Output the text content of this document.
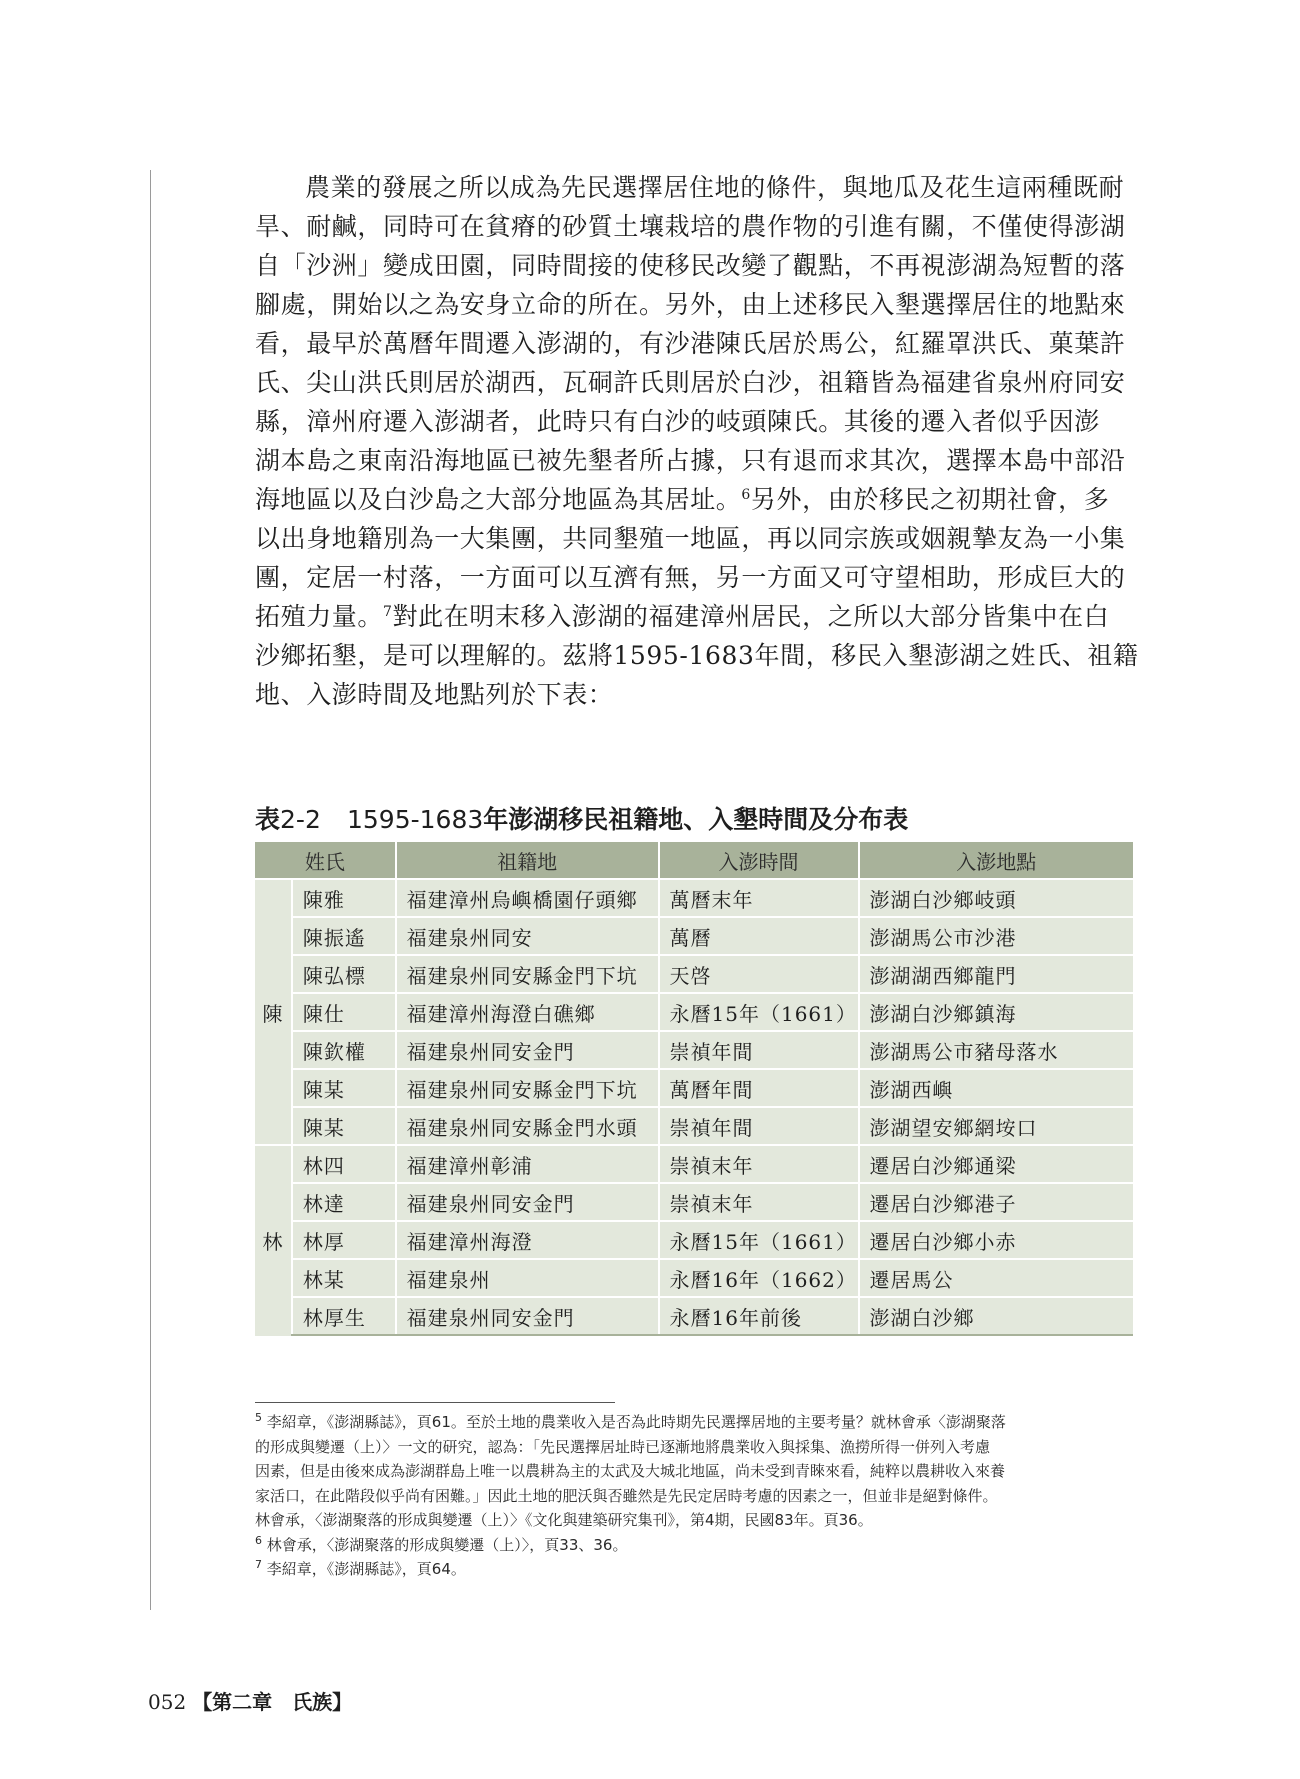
農業的發展之所以成為先民選擇居住地的條件，與地瓜及花生這兩種既耐
旱、耐鹹，同時可在貧瘠的砂質土壤栽培的農作物的引進有關，不僅使得澎湖
自「沙洲」變成田園，同時間接的使移民改變了觀點，不再視澎湖為短暫的落
腳處，開始以之為安身立命的所在。另外，由上述移民入墾選擇居住的地點來
看，最早於萬曆年間遷入澎湖的，有沙港陳氏居於馬公，紅羅罩洪氏、菓葉許
氏、尖山洪氏則居於湖西，瓦硐許氏則居於白沙，祖籍皆為福建省泉州府同安
縣，漳州府遷入澎湖者，此時只有白沙的岐頭陳氏。其後的遷入者似乎因澎
湖本島之東南沿海地區已被先墾者所占據，只有退而求其次，選擇本島中部沿
海地區以及白沙島之大部分地區為其居址。$^6$另外，由於移民之初期社會，多
以出身地籍別為一大集團，共同墾殖一地區，再以同宗族或姻親摯友為一小集
團，定居一村落，一方面可以互濟有無，另一方面又可守望相助，形成巨大的
拓殖力量。$^7$對此在明末移入澎湖的福建漳州居民，之所以大部分皆集中在白
沙鄉拓墾，是可以理解的。茲將1595-1683年間，移民入墾澎湖之姓氏、祖籍
地、入澎時間及地點列於下表：
表2-2 1595-1683年澎湖移民祖籍地、入墾時間及分布表
姓氏		祖籍地	入澎時間	入澎地點
陳	陳雅	福建漳州烏嶼橋園仔頭鄉	萬曆末年	澎湖白沙鄉岐頭
	陳振遙	福建泉州同安	萬曆	澎湖馬公市沙港
	陳弘標	福建泉州同安縣金門下坑	天啓	澎湖湖西鄉龍門
	陳仕	福建漳州海澄白礁鄉	永曆15年（1661）	澎湖白沙鄉鎮海
	陳欽權	福建泉州同安金門	崇禎年間	澎湖馬公市豬母落水
	陳某	福建泉州同安縣金門下坑	萬曆年間	澎湖西嶼
	陳某	福建泉州同安縣金門水頭	崇禎年間	澎湖望安鄉網垵口
林	林四	福建漳州彰浦	崇禎末年	遷居白沙鄉通梁
	林達	福建泉州同安金門	崇禎末年	遷居白沙鄉港子
	林厚	福建漳州海澄	永曆15年（1661）	遷居白沙鄉小赤
	林某	福建泉州	永曆16年（1662）	遷居馬公
	林厚生	福建泉州同安金門	永曆16年前後	澎湖白沙鄉
$^5$ 李紹章，《澎湖縣誌》，頁61。至於土地的農業收入是否為此時期先民選擇居地的主要考量？就林會承〈澎湖聚落
的形成與變遷（上）〉一文的研究，認為：「先民選擇居址時已逐漸地將農業收入與採集、漁撈所得一併列入考慮
因素，但是由後來成為澎湖群島上唯一以農耕為主的太武及大城北地區，尚未受到青睞來看，純粹以農耕收入來養
家活口，在此階段似乎尚有困難。」因此土地的肥沃與否雖然是先民定居時考慮的因素之一，但並非是絕對條件。
林會承，〈澎湖聚落的形成與變遷（上）〉《文化與建築研究集刊》，第4期，民國83年。頁36。
$^6$ 林會承，〈澎湖聚落的形成與變遷（上）〉，頁33、36。
$^7$ 李紹章，《澎湖縣誌》，頁64。
052 【第二章　氏族】
